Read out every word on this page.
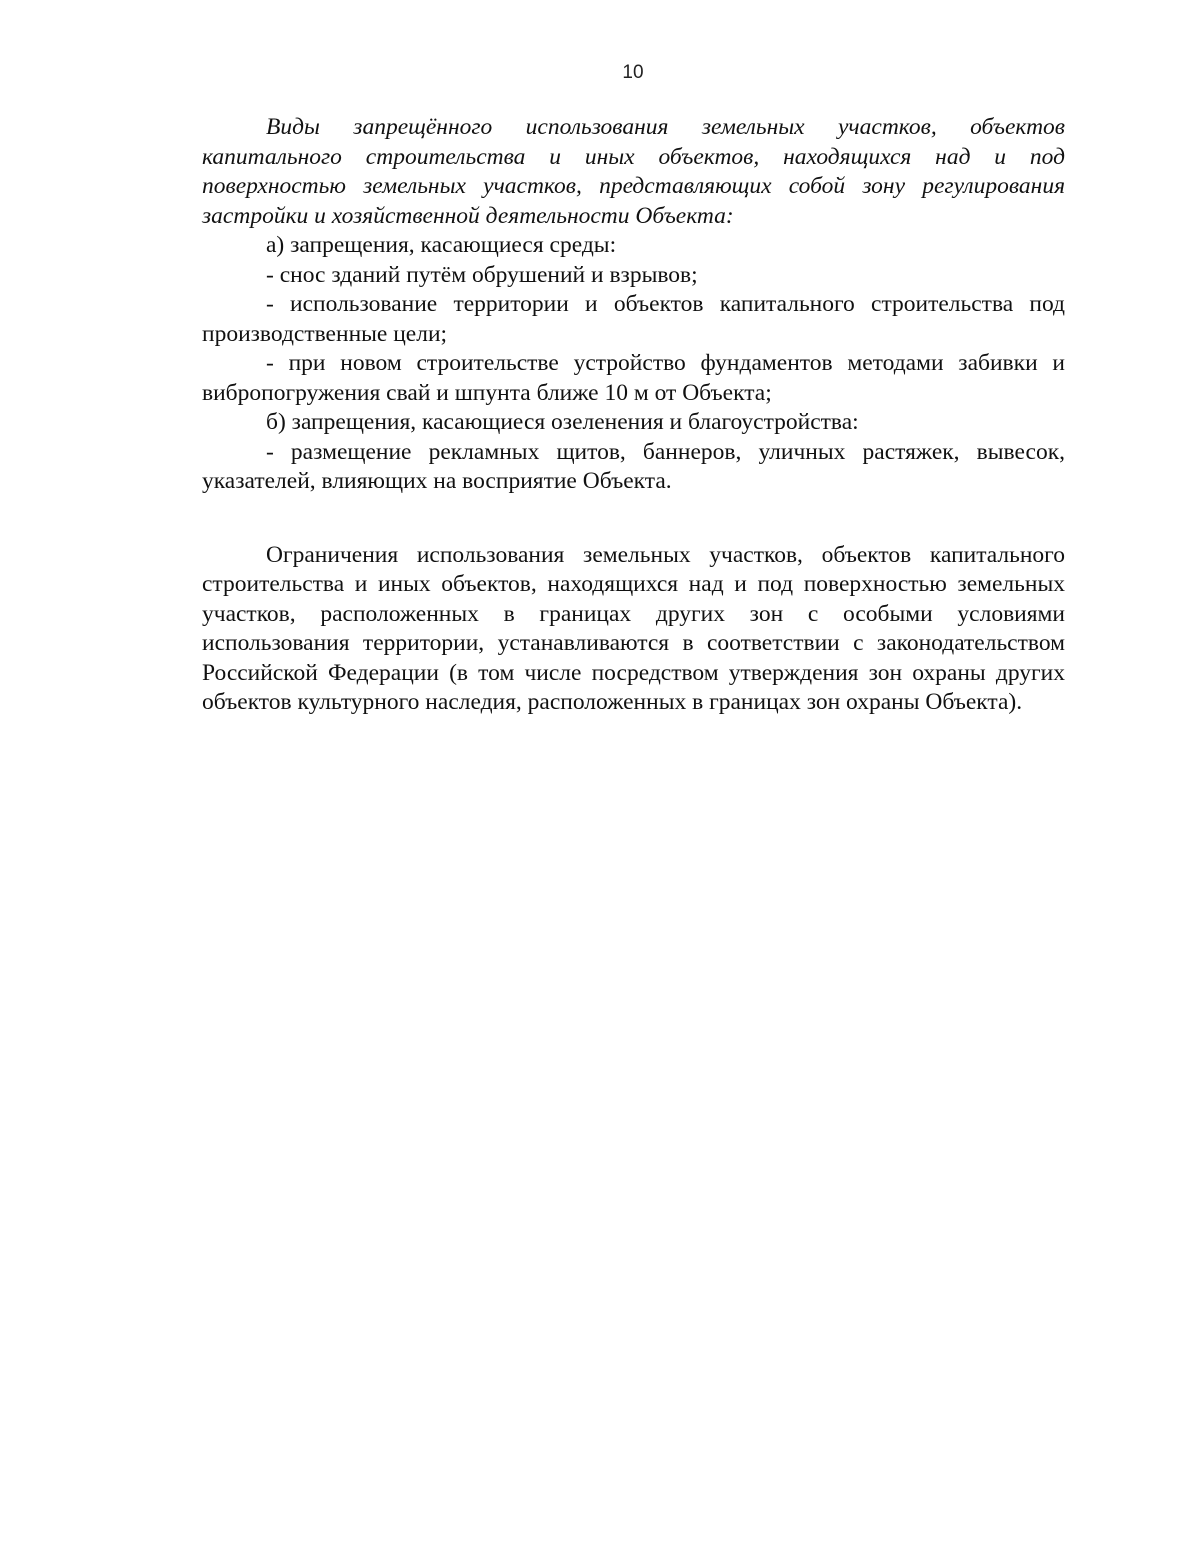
10

Виды запрещённого использования земельных участков, объектов капитального строительства и иных объектов, находящихся над и под поверхностью земельных участков, представляющих собой зону регулирования застройки и хозяйственной деятельности Объекта:

а) запрещения, касающиеся среды:

- снос зданий путём обрушений и взрывов;

- использование территории и объектов капитального строительства под производственные цели;

- при новом строительстве устройство фундаментов методами забивки и вибропогружения свай и шпунта ближе 10 м от Объекта;

б) запрещения, касающиеся озеленения и благоустройства:

- размещение рекламных щитов, баннеров, уличных растяжек, вывесок, указателей, влияющих на восприятие Объекта.

Ограничения использования земельных участков, объектов капитального строительства и иных объектов, находящихся над и под поверхностью земельных участков, расположенных в границах других зон с особыми условиями использования территории, устанавливаются в соответствии с законодательством Российской Федерации (в том числе посредством утверждения зон охраны других объектов культурного наследия, расположенных в границах зон охраны Объекта).
